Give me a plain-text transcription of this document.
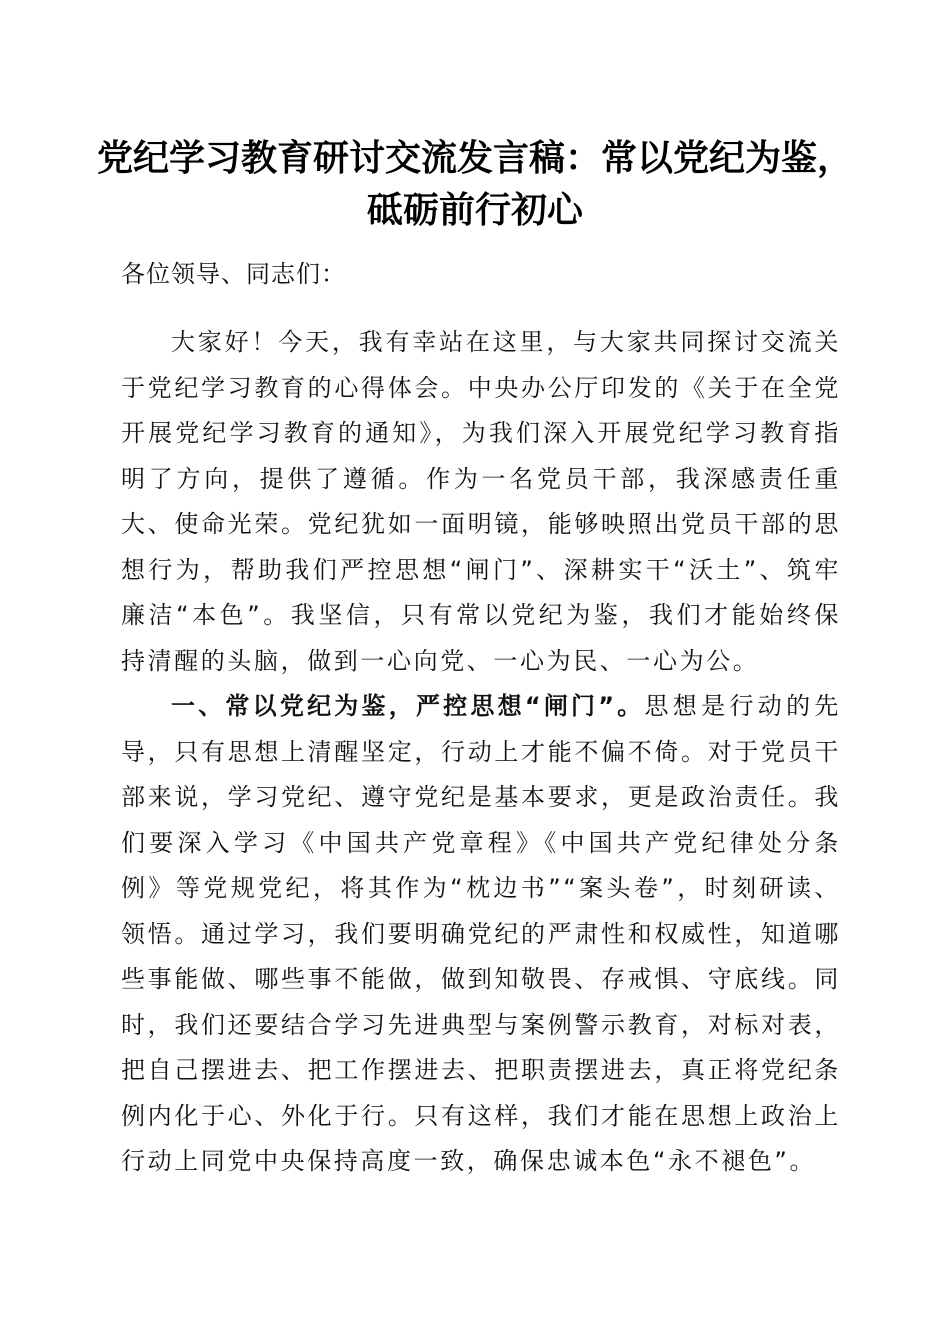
党纪学习教育研讨交流发言稿：常以党纪为鉴，
砥砺前行初心
各位领导、同志们：
大家好！今天，我有幸站在这里，与大家共同探讨交流关于党纪学习教育的心得体会。中央办公厅印发的《关于在全党开展党纪学习教育的通知》，为我们深入开展党纪学习教育指明了方向，提供了遵循。作为一名党员干部，我深感责任重大、使命光荣。党纪犹如一面明镜，能够映照出党员干部的思想行为，帮助我们严控思想“闸门”、深耕实干“沃土”、筑牢廉洁“本色”。我坚信，只有常以党纪为鉴，我们才能始终保持清醒的头脑，做到一心向党、一心为民、一心为公。
一、常以党纪为鉴，严控思想“闸门”。思想是行动的先导，只有思想上清醒坚定，行动上才能不偏不倚。对于党员干部来说，学习党纪、遵守党纪是基本要求，更是政治责任。我们要深入学习《中国共产党章程》《中国共产党纪律处分条例》等党规党纪，将其作为“枕边书”“案头卷”，时刻研读、领悟。通过学习，我们要明确党纪的严肃性和权威性，知道哪些事能做、哪些事不能做，做到知敬畏、存戒惧、守底线。同时，我们还要结合学习先进典型与案例警示教育，对标对表，把自己摆进去、把工作摆进去、把职责摆进去，真正将党纪条例内化于心、外化于行。只有这样，我们才能在思想上政治上行动上同党中央保持高度一致，确保忠诚本色“永不褪色”。
